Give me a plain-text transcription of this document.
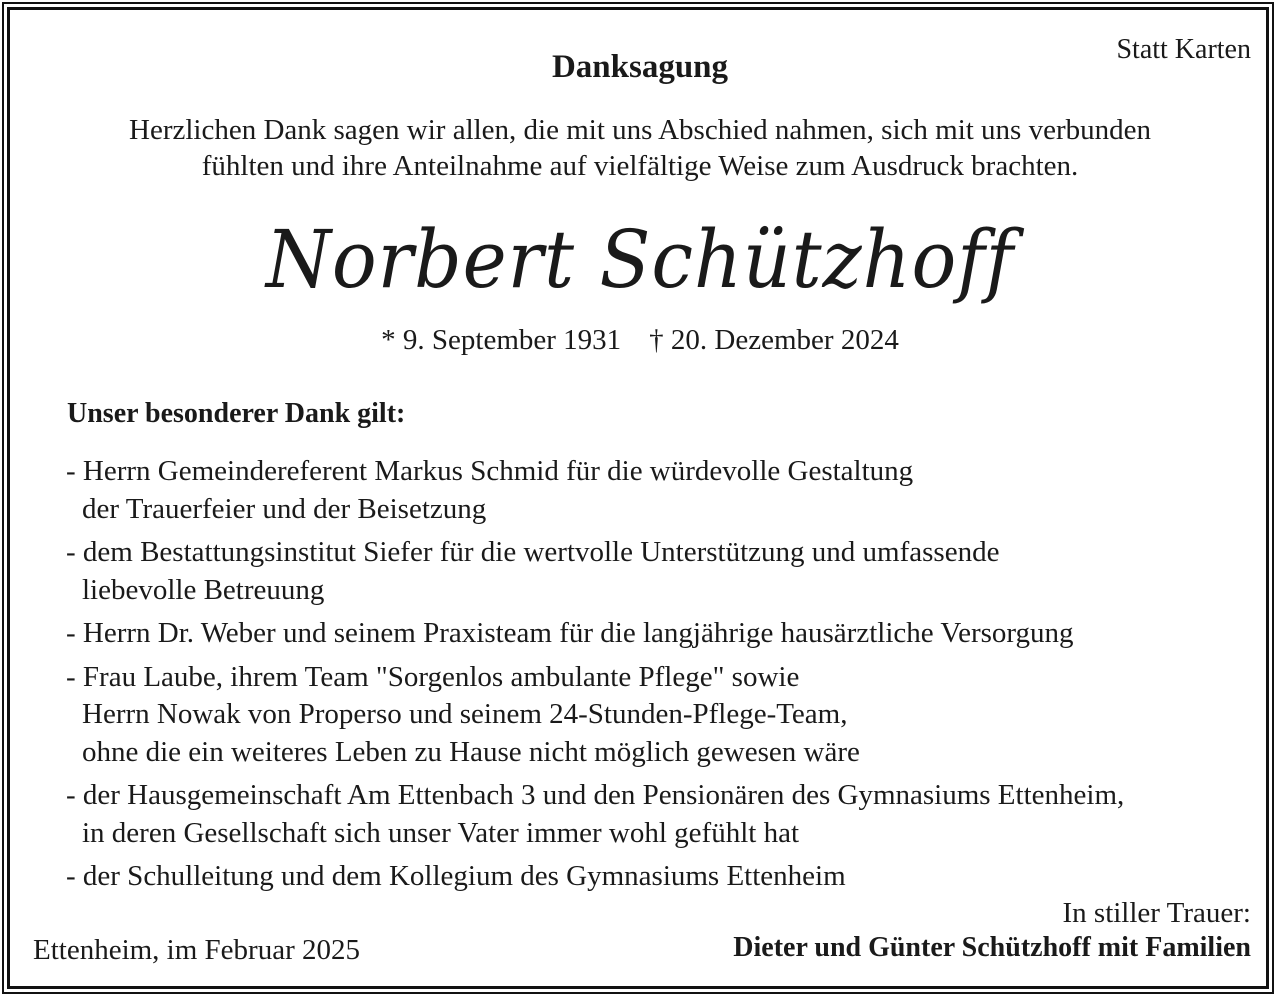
Statt Karten
Danksagung
Herzlichen Dank sagen wir allen, die mit uns Abschied nahmen, sich mit uns verbunden
fühlten und ihre Anteilnahme auf vielfältige Weise zum Ausdruck brachten.
Norbert Schützhoff
* 9. September 1931 † 20. Dezember 2024
Unser besonderer Dank gilt:
- Herrn Gemeindereferent Markus Schmid für die würdevolle Gestaltung
der Trauerfeier und der Beisetzung
- dem Bestattungsinstitut Siefer für die wertvolle Unterstützung und umfassende
liebevolle Betreuung
- Herrn Dr. Weber und seinem Praxisteam für die langjährige hausärztliche Versorgung
- Frau Laube, ihrem Team "Sorgenlos ambulante Pflege" sowie
Herrn Nowak von Properso und seinem 24-Stunden-Pflege-Team,
ohne die ein weiteres Leben zu Hause nicht möglich gewesen wäre
- der Hausgemeinschaft Am Ettenbach 3 und den Pensionären des Gymnasiums Ettenheim,
in deren Gesellschaft sich unser Vater immer wohl gefühlt hat
- der Schulleitung und dem Kollegium des Gymnasiums Ettenheim
Ettenheim, im Februar 2025
In stiller Trauer:
Dieter und Günter Schützhoff mit Familien
